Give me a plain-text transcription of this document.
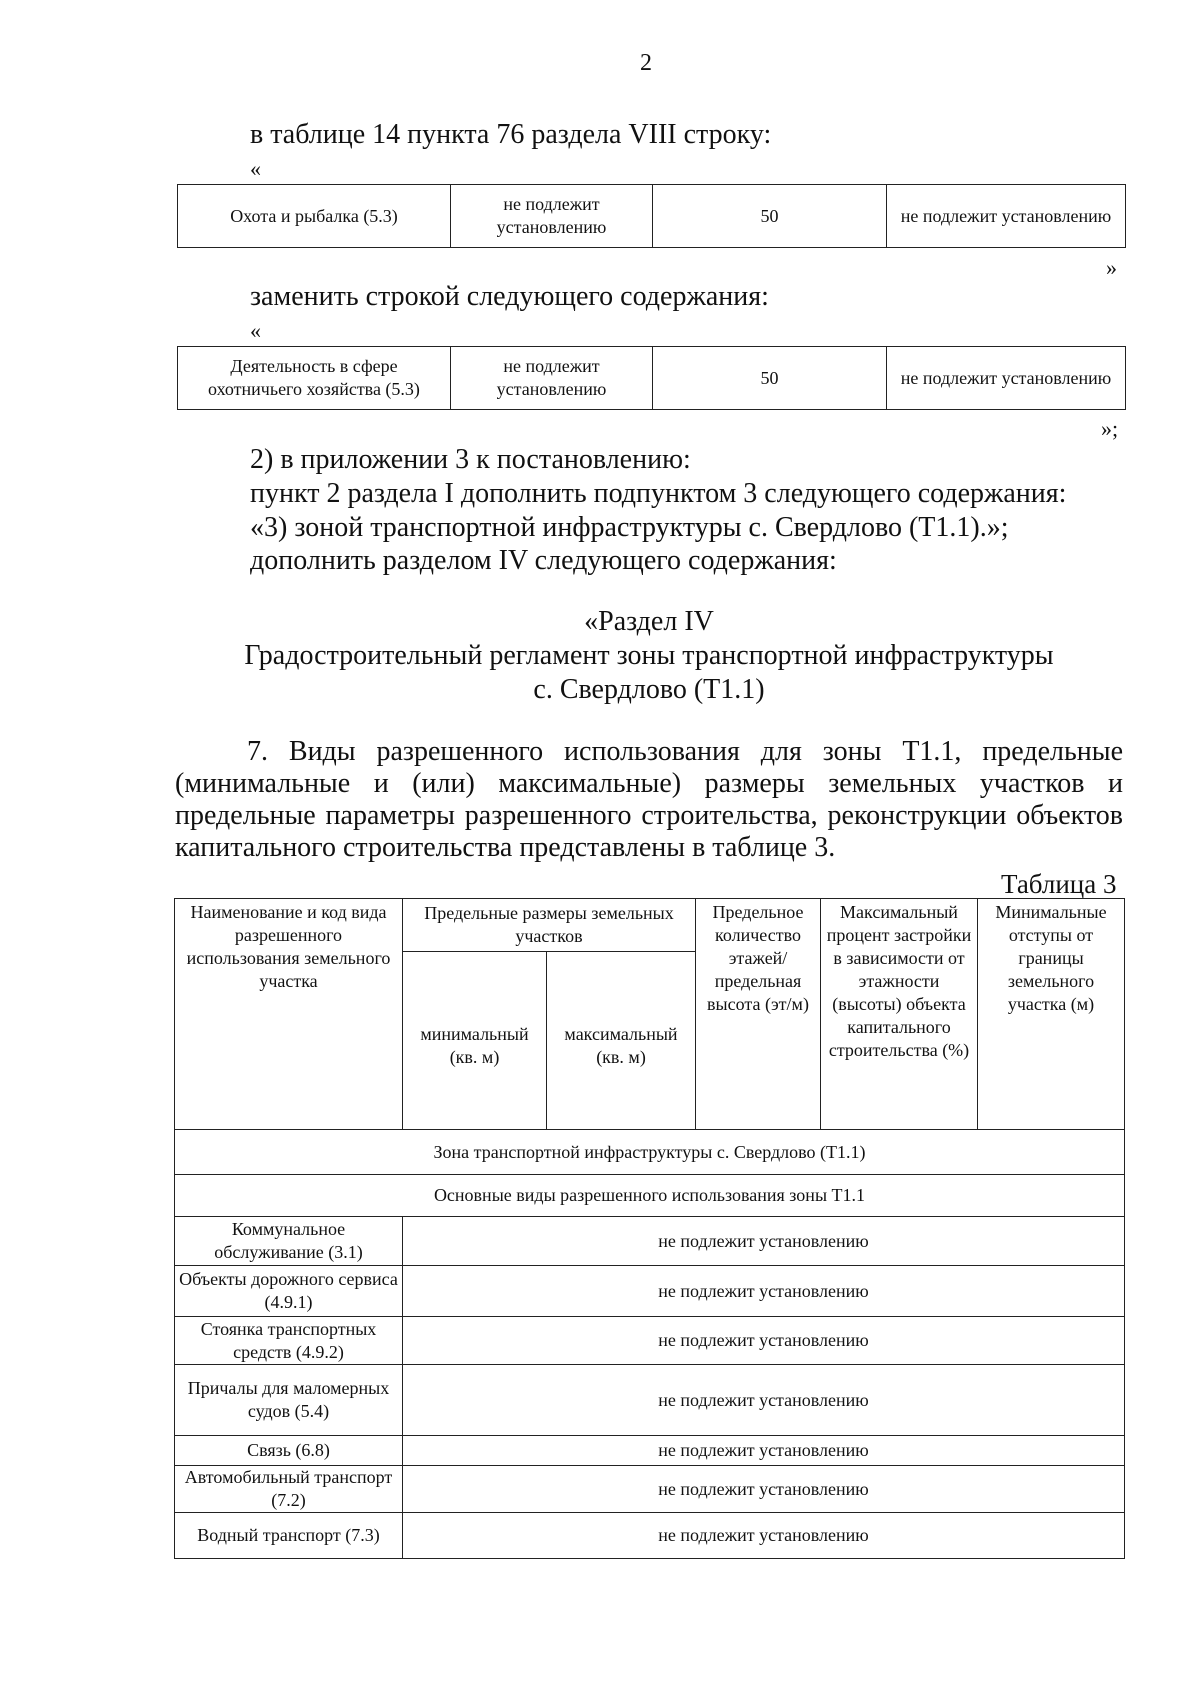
2
в таблице 14 пункта 76 раздела VIII строку:
«
Охота и рыбалка (5.3)	не подлежит установлению	50	не подлежит установлению
»
заменить строкой следующего содержания:
«
Деятельность в сфере охотничьего хозяйства (5.3)	не подлежит установлению	50	не подлежит установлению
»;
2) в приложении 3 к постановлению:
пункт 2 раздела I дополнить подпунктом 3 следующего содержания:
«3) зоной транспортной инфраструктуры с. Свердлово (Т1.1).»;
дополнить разделом IV следующего содержания:
«Раздел IV
Градостроительный регламент зоны транспортной инфраструктуры
с. Свердлово (Т1.1)
7. Виды разрешенного использования для зоны Т1.1, предельные (минимальные и (или) максимальные) размеры земельных участков и предельные параметры разрешенного строительства, реконструкции объектов капитального строительства представлены в таблице 3.
Таблица 3
Наименование и код вида разрешенного использования земельного участка	Предельные размеры земельных участков		Предельное количество этажей/ предельная высота (эт/м)	Максимальный процент застройки в зависимости от этажности (высоты) объекта капитального строительства (%)	Минимальные отступы от границы земельного участка (м)
	минимальный (кв. м)	максимальный (кв. м)			
Зона транспортной инфраструктуры с. Свердлово (Т1.1)					
Основные виды разрешенного использования зоны Т1.1					
Коммунальное обслуживание (3.1)	не подлежит установлению				
Объекты дорожного сервиса (4.9.1)	не подлежит установлению				
Стоянка транспортных средств (4.9.2)	не подлежит установлению				
Причалы для маломерных судов (5.4)	не подлежит установлению				
Связь (6.8)	не подлежит установлению				
Автомобильный транспорт (7.2)	не подлежит установлению				
Водный транспорт (7.3)	не подлежит установлению				
